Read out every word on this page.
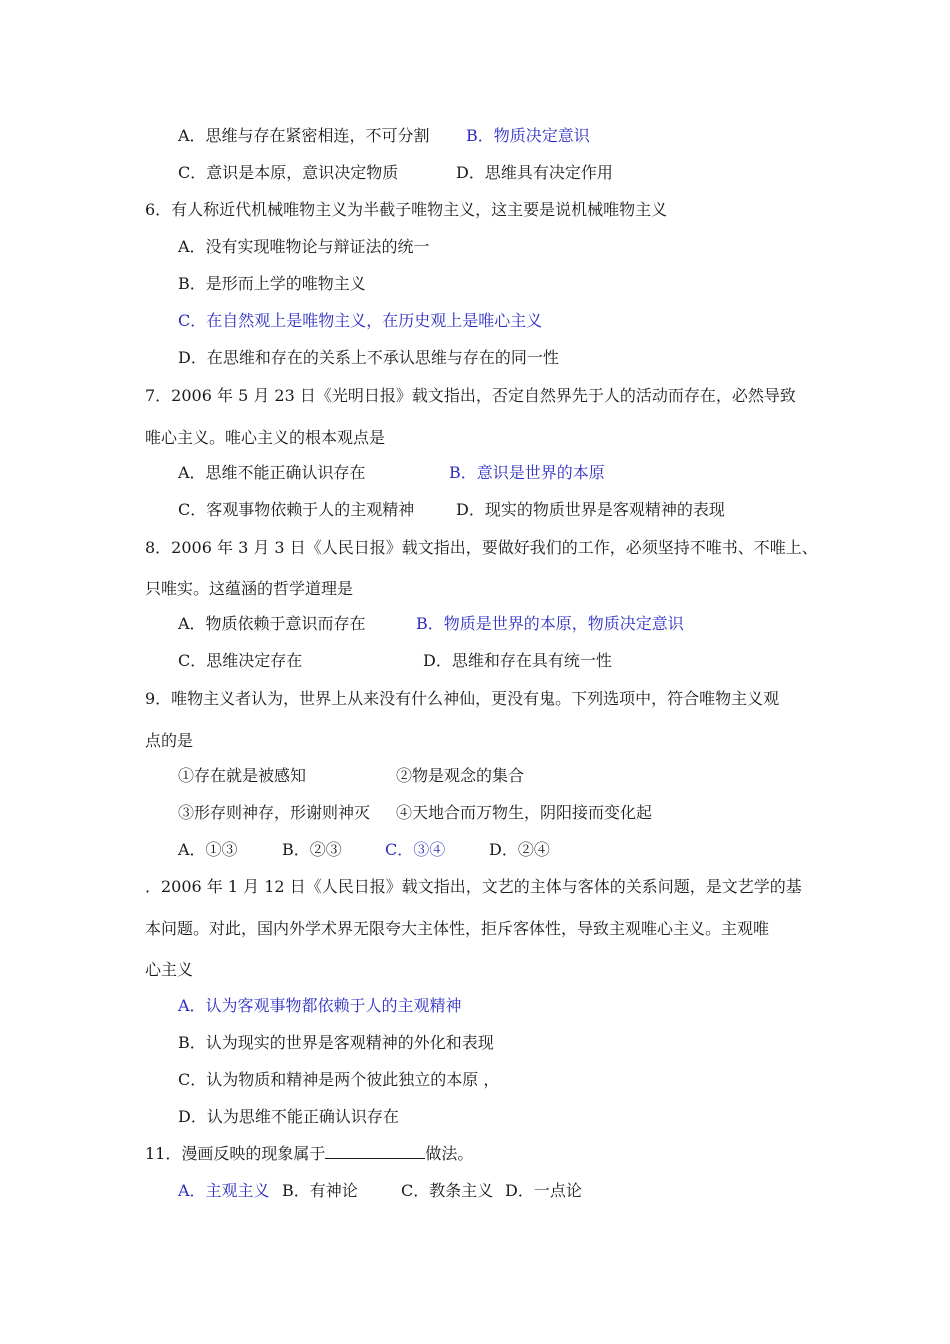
A．思维与存在紧密相连，不可分割 B．物质决定意识
C．意识是本原，意识决定物质	D．思维具有决定作用
6．有人称近代机械唯物主义为半截子唯物主义，这主要是说机械唯物主义
A．没有实现唯物论与辩证法的统一
B．是形而上学的唯物主义
C．在自然观上是唯物主义，在历史观上是唯心主义
D．在思维和存在的关系上不承认思维与存在的同一性
7．2006 年 5 月 23 日《光明日报》载文指出，否定自然界先于人的活动而存在，必然导致
唯心主义。唯心主义的根本观点是
A．思维不能正确认识存在	B．意识是世界的本原
C．客观事物依赖于人的主观精神	D．现实的物质世界是客观精神的表现
8．2006 年 3 月 3 日《人民日报》载文指出，要做好我们的工作，必须坚持不唯书、不唯上、
只唯实。这蕴涵的哲学道理是
A．物质依赖于意识而存在	B．物质是世界的本原，物质决定意识
C．思维决定存在	D．思维和存在具有统一性
9．唯物主义者认为，世界上从来没有什么神仙，更没有鬼。下列选项中，符合唯物主义观
点的是
①存在就是被感知	②物是观念的集合
③形存则神存，形谢则神灭 ④天地合而万物生，阴阳接而变化起
A．①③	B．②③	C．③④	D．②④
．2006 年 1 月 12 日《人民日报》载文指出，文艺的主体与客体的关系问题，是文艺学的基
本问题。对此，国内外学术界无限夸大主体性，拒斥客体性，导致主观唯心主义。主观唯
心主义
A．认为客观事物都依赖于人的主观精神
B．认为现实的世界是客观精神的外化和表现
C．认为物质和精神是两个彼此独立的本原 ，
D．认为思维不能正确认识存在
11．漫画反映的现象属于	做法。
A．主观主义 B．有神论	C．教条主义 D．一点论
